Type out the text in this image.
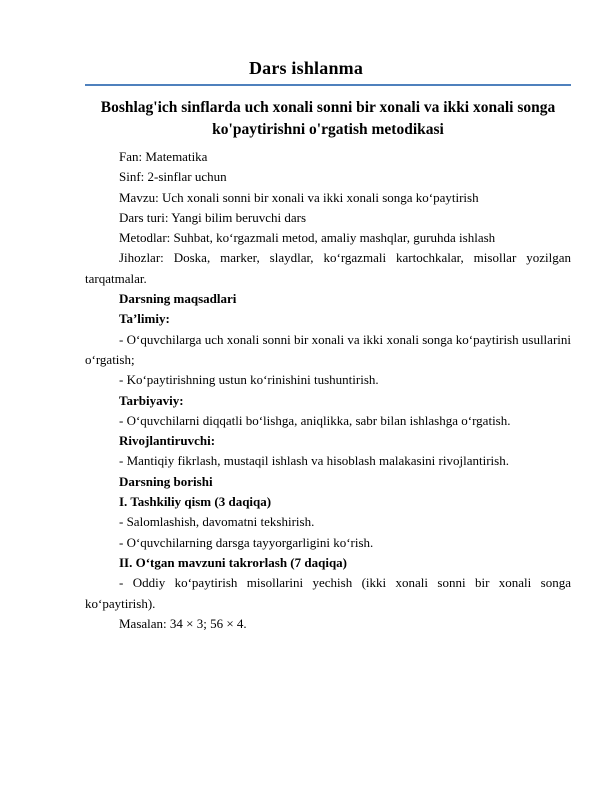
Dars ishlanma
Boshlag'ich sinflarda uch xonali sonni bir xonali va ikki xonali songa ko'paytirishni o'rgatish metodikasi

Fan: Matematika

Sinf: 2-sinflar uchun

Mavzu: Uch xonali sonni bir xonali va ikki xonali songa ko‘paytirish

Dars turi: Yangi bilim beruvchi dars

Metodlar: Suhbat, ko‘rgazmali metod, amaliy mashqlar, guruhda ishlash

Jihozlar: Doska, marker, slaydlar, ko‘rgazmali kartochkalar, misollar yozilgan tarqatmalar.

Darsning maqsadlari

Ta’limiy:

- O‘quvchilarga uch xonali sonni bir xonali va ikki xonali songa ko‘paytirish usullarini o‘rgatish;

- Ko‘paytirishning ustun ko‘rinishini tushuntirish.

Tarbiyaviy:

- O‘quvchilarni diqqatli bo‘lishga, aniqlikka, sabr bilan ishlashga o‘rgatish.

Rivojlantiruvchi:

- Mantiqiy fikrlash, mustaqil ishlash va hisoblash malakasini rivojlantirish.

Darsning borishi

I. Tashkiliy qism (3 daqiqa)

- Salomlashish, davomatni tekshirish.

- O‘quvchilarning darsga tayyorgarligini ko‘rish.

II. O‘tgan mavzuni takrorlash (7 daqiqa)

- Oddiy ko‘paytirish misollarini yechish (ikki xonali sonni bir xonali songa ko‘paytirish).

Masalan: 34 × 3; 56 × 4.
